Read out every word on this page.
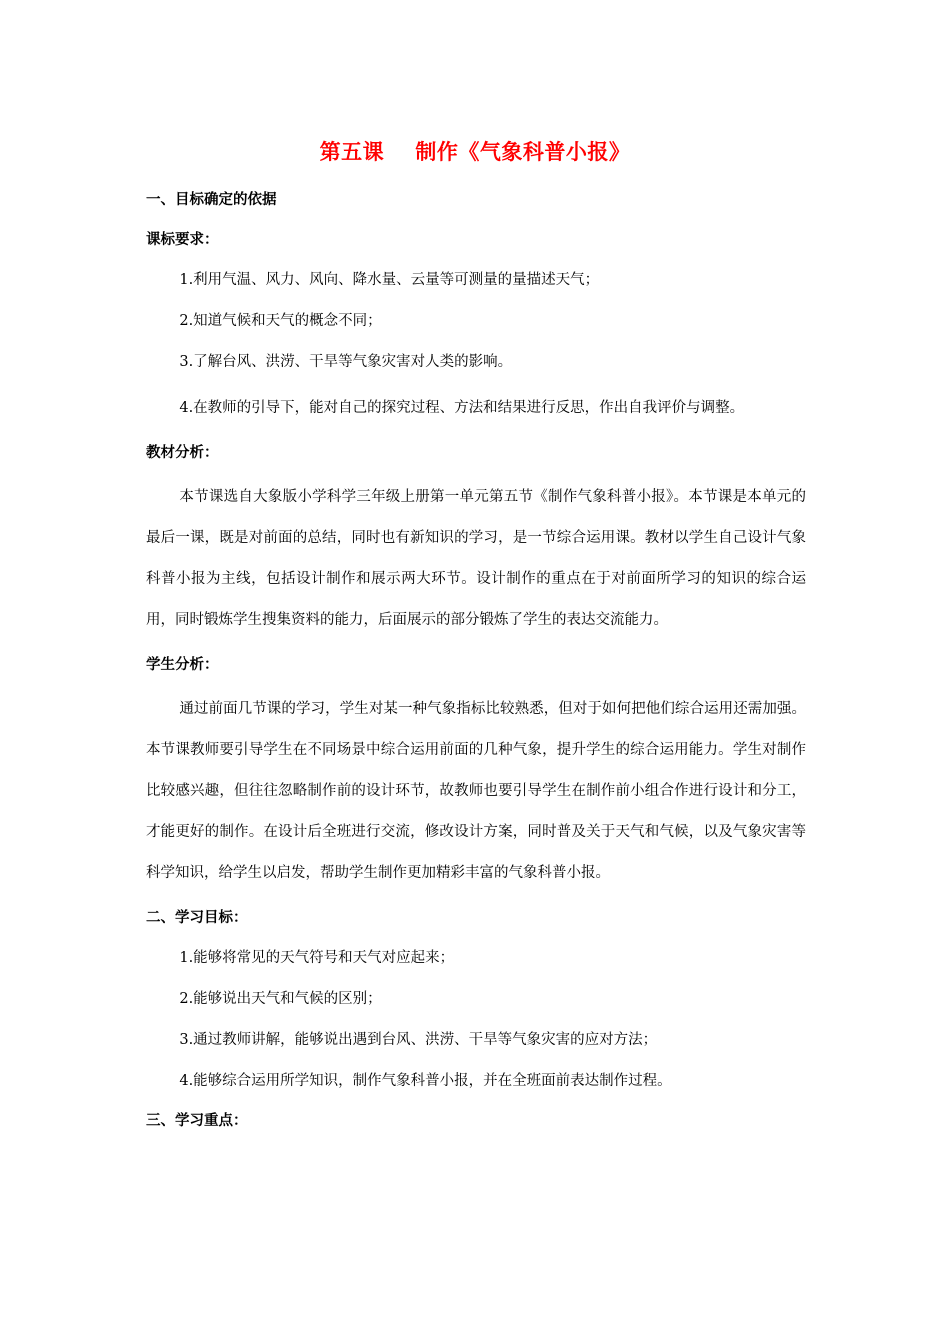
第五课    制作《气象科普小报》

一、目标确定的依据

课标要求：

1.利用气温、风力、风向、降水量、云量等可测量的量描述天气；

2.知道气候和天气的概念不同；

3.了解台风、洪涝、干旱等气象灾害对人类的影响。

4.在教师的引导下，能对自己的探究过程、方法和结果进行反思，作出自我评价与调整。

教材分析：

本节课选自大象版小学科学三年级上册第一单元第五节《制作气象科普小报》。本节课是本单元的最后一课，既是对前面的总结，同时也有新知识的学习，是一节综合运用课。教材以学生自己设计气象科普小报为主线，包括设计制作和展示两大环节。设计制作的重点在于对前面所学习的知识的综合运用，同时锻炼学生搜集资料的能力，后面展示的部分锻炼了学生的表达交流能力。

学生分析：

通过前面几节课的学习，学生对某一种气象指标比较熟悉，但对于如何把他们综合运用还需加强。本节课教师要引导学生在不同场景中综合运用前面的几种气象，提升学生的综合运用能力。学生对制作比较感兴趣，但往往忽略制作前的设计环节，故教师也要引导学生在制作前小组合作进行设计和分工，才能更好的制作。在设计后全班进行交流，修改设计方案，同时普及关于天气和气候，以及气象灾害等科学知识，给学生以启发，帮助学生制作更加精彩丰富的气象科普小报。

二、学习目标：

1.能够将常见的天气符号和天气对应起来；

2.能够说出天气和气候的区别；

3.通过教师讲解，能够说出遇到台风、洪涝、干旱等气象灾害的应对方法；

4.能够综合运用所学知识，制作气象科普小报，并在全班面前表达制作过程。

三、学习重点：
